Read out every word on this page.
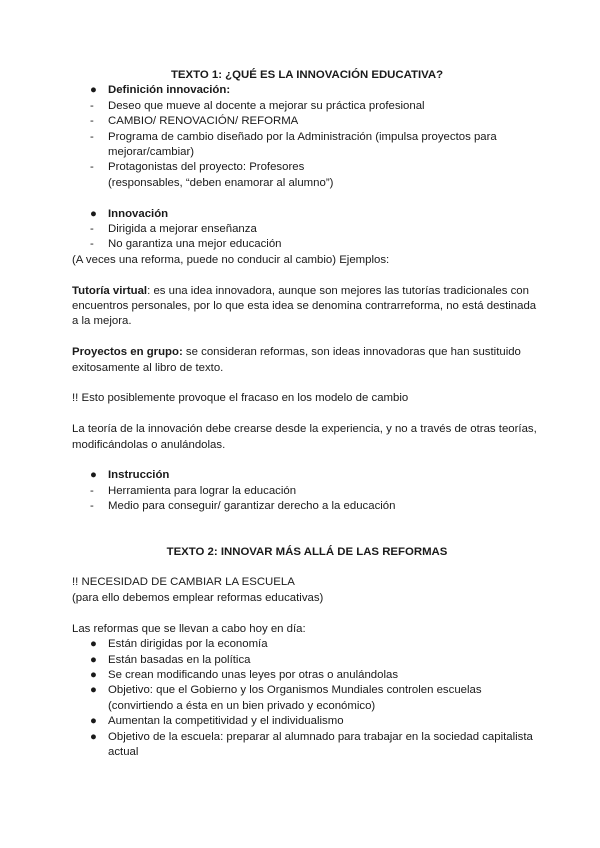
TEXTO 1: ¿QUÉ ES LA INNOVACIÓN EDUCATIVA?

● Definición innovación:
- Deseo que mueve al docente a mejorar su práctica profesional
- CAMBIO/ RENOVACIÓN/ REFORMA
- Programa de cambio diseñado por la Administración (impulsa proyectos para
mejorar/cambiar)
- Protagonistas del proyecto: Profesores
(responsables, “deben enamorar al alumno”)
● Innovación
- Dirigida a mejorar enseñanza
- No garantiza una mejor educación

(A veces una reforma, puede no conducir al cambio) Ejemplos:

Tutoría virtual: es una idea innovadora, aunque son mejores las tutorías tradicionales con
encuentros personales, por lo que esta idea se denomina contrarreforma, no está destinada
a la mejora.

Proyectos en grupo: se consideran reformas, son ideas innovadoras que han sustituido
exitosamente al libro de texto.

!! Esto posiblemente provoque el fracaso en los modelo de cambio

La teoría de la innovación debe crearse desde la experiencia, y no a través de otras teorías,
modificándolas o anulándolas.

● Instrucción
- Herramienta para lograr la educación
- Medio para conseguir/ garantizar derecho a la educación

TEXTO 2: INNOVAR MÁS ALLÁ DE LAS REFORMAS

!! NECESIDAD DE CAMBIAR LA ESCUELA
(para ello debemos emplear reformas educativas)

Las reformas que se llevan a cabo hoy en día:

● Están dirigidas por la economía
● Están basadas en la política
● Se crean modificando unas leyes por otras o anulándolas
● Objetivo: que el Gobierno y los Organismos Mundiales controlen escuelas
(convirtiendo a ésta en un bien privado y económico)
● Aumentan la competitividad y el individualismo
● Objetivo de la escuela: preparar al alumnado para trabajar en la sociedad capitalista
actual
